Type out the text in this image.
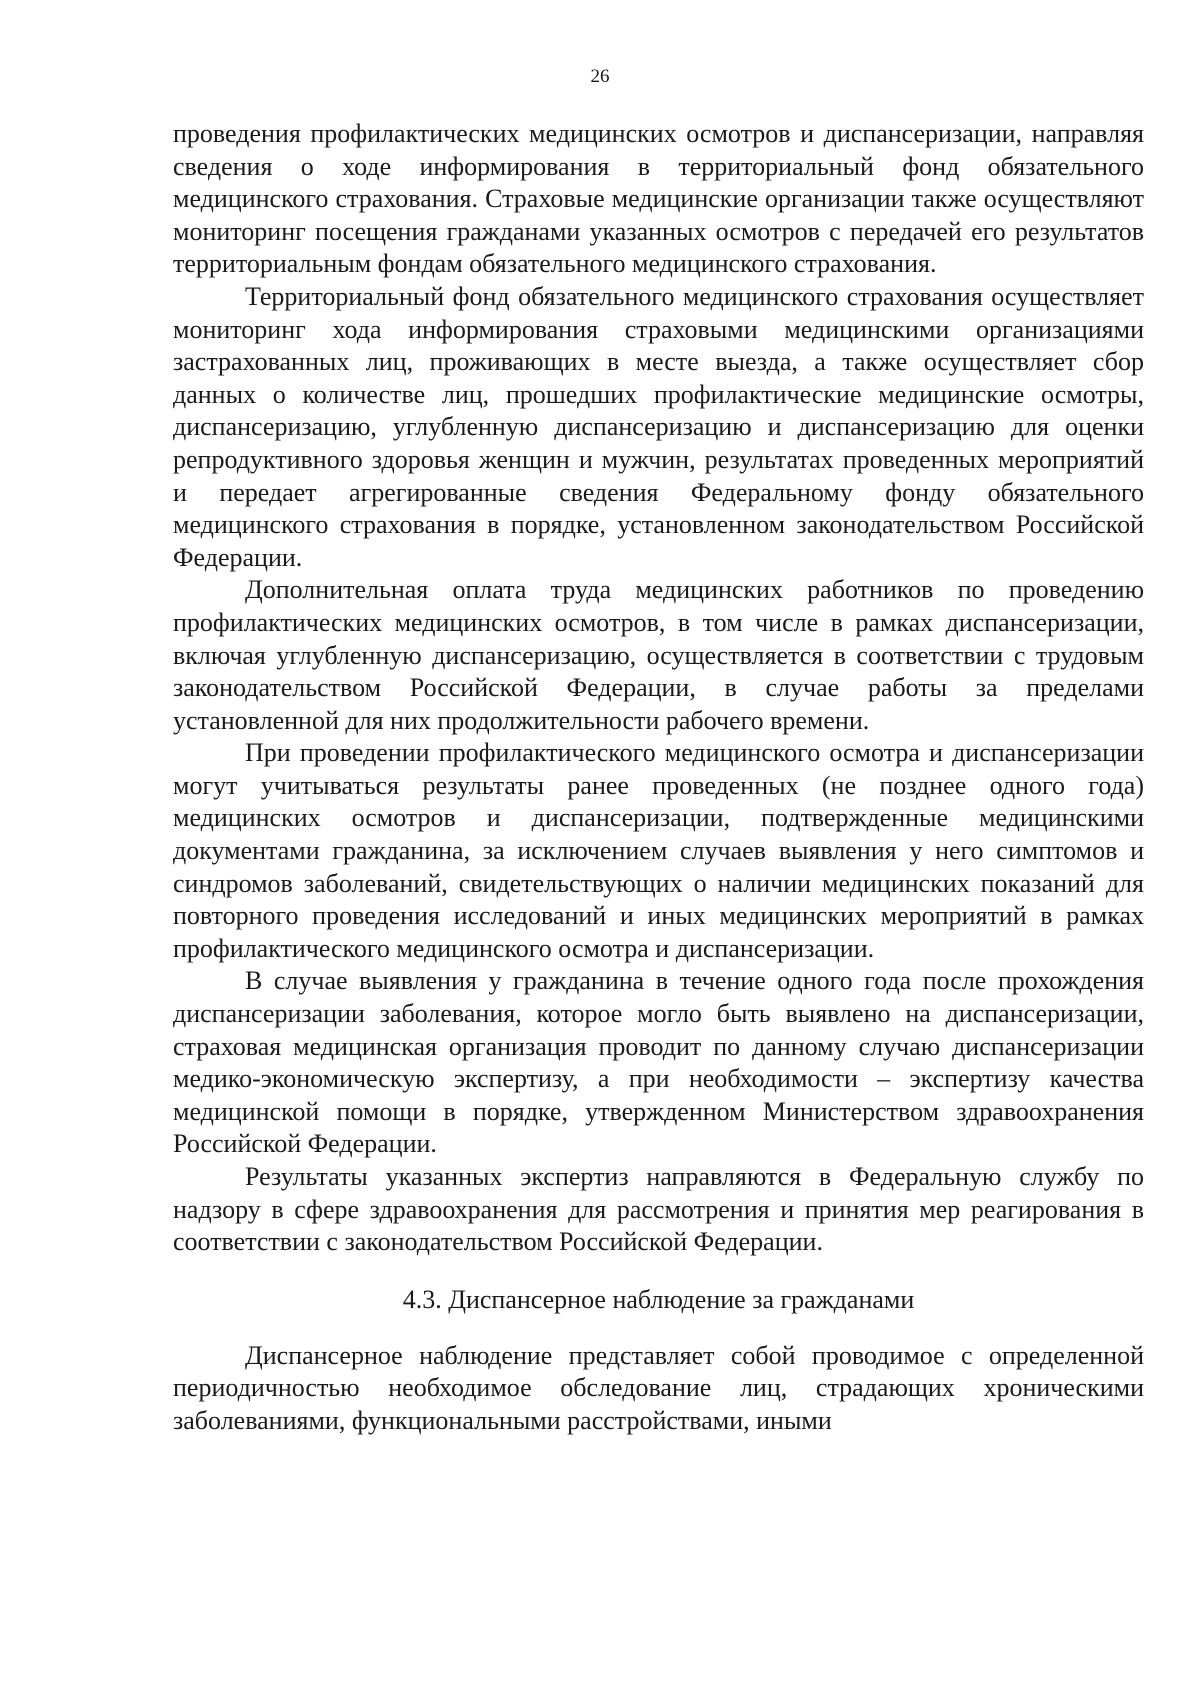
26

проведения профилактических медицинских осмотров и диспансеризации, направляя сведения о ходе информирования в территориальный фонд обязательного медицинского страхования. Страховые медицинские организации также осуществляют мониторинг посещения гражданами указанных осмотров с передачей его результатов территориальным фондам обязательного медицинского страхования.

Территориальный фонд обязательного медицинского страхования осуществляет мониторинг хода информирования страховыми медицинскими организациями застрахованных лиц, проживающих в месте выезда, а также осуществляет сбор данных о количестве лиц, прошедших профилактические медицинские осмотры, диспансеризацию, углубленную диспансеризацию и диспансеризацию для оценки репродуктивного здоровья женщин и мужчин, результатах проведенных мероприятий и передает агрегированные сведения Федеральному фонду обязательного медицинского страхования в порядке, установленном законодательством Российской Федерации.

Дополнительная оплата труда медицинских работников по проведению профилактических медицинских осмотров, в том числе в рамках диспансеризации, включая углубленную диспансеризацию, осуществляется в соответствии с трудовым законодательством Российской Федерации, в случае работы за пределами установленной для них продолжительности рабочего времени.

При проведении профилактического медицинского осмотра и диспансеризации могут учитываться результаты ранее проведенных (не позднее одного года) медицинских осмотров и диспансеризации, подтвержденные медицинскими документами гражданина, за исключением случаев выявления у него симптомов и синдромов заболеваний, свидетельствующих о наличии медицинских показаний для повторного проведения исследований и иных медицинских мероприятий в рамках профилактического медицинского осмотра и диспансеризации.

В случае выявления у гражданина в течение одного года после прохождения диспансеризации заболевания, которое могло быть выявлено на диспансеризации, страховая медицинская организация проводит по данному случаю диспансеризации медико-экономическую экспертизу, а при необходимости – экспертизу качества медицинской помощи в порядке, утвержденном Министерством здравоохранения Российской Федерации.

Результаты указанных экспертиз направляются в Федеральную службу по надзору в сфере здравоохранения для рассмотрения и принятия мер реагирования в соответствии с законодательством Российской Федерации.

4.3. Диспансерное наблюдение за гражданами

Диспансерное наблюдение представляет собой проводимое с определенной периодичностью необходимое обследование лиц, страдающих хроническими заболеваниями, функциональными расстройствами, иными
